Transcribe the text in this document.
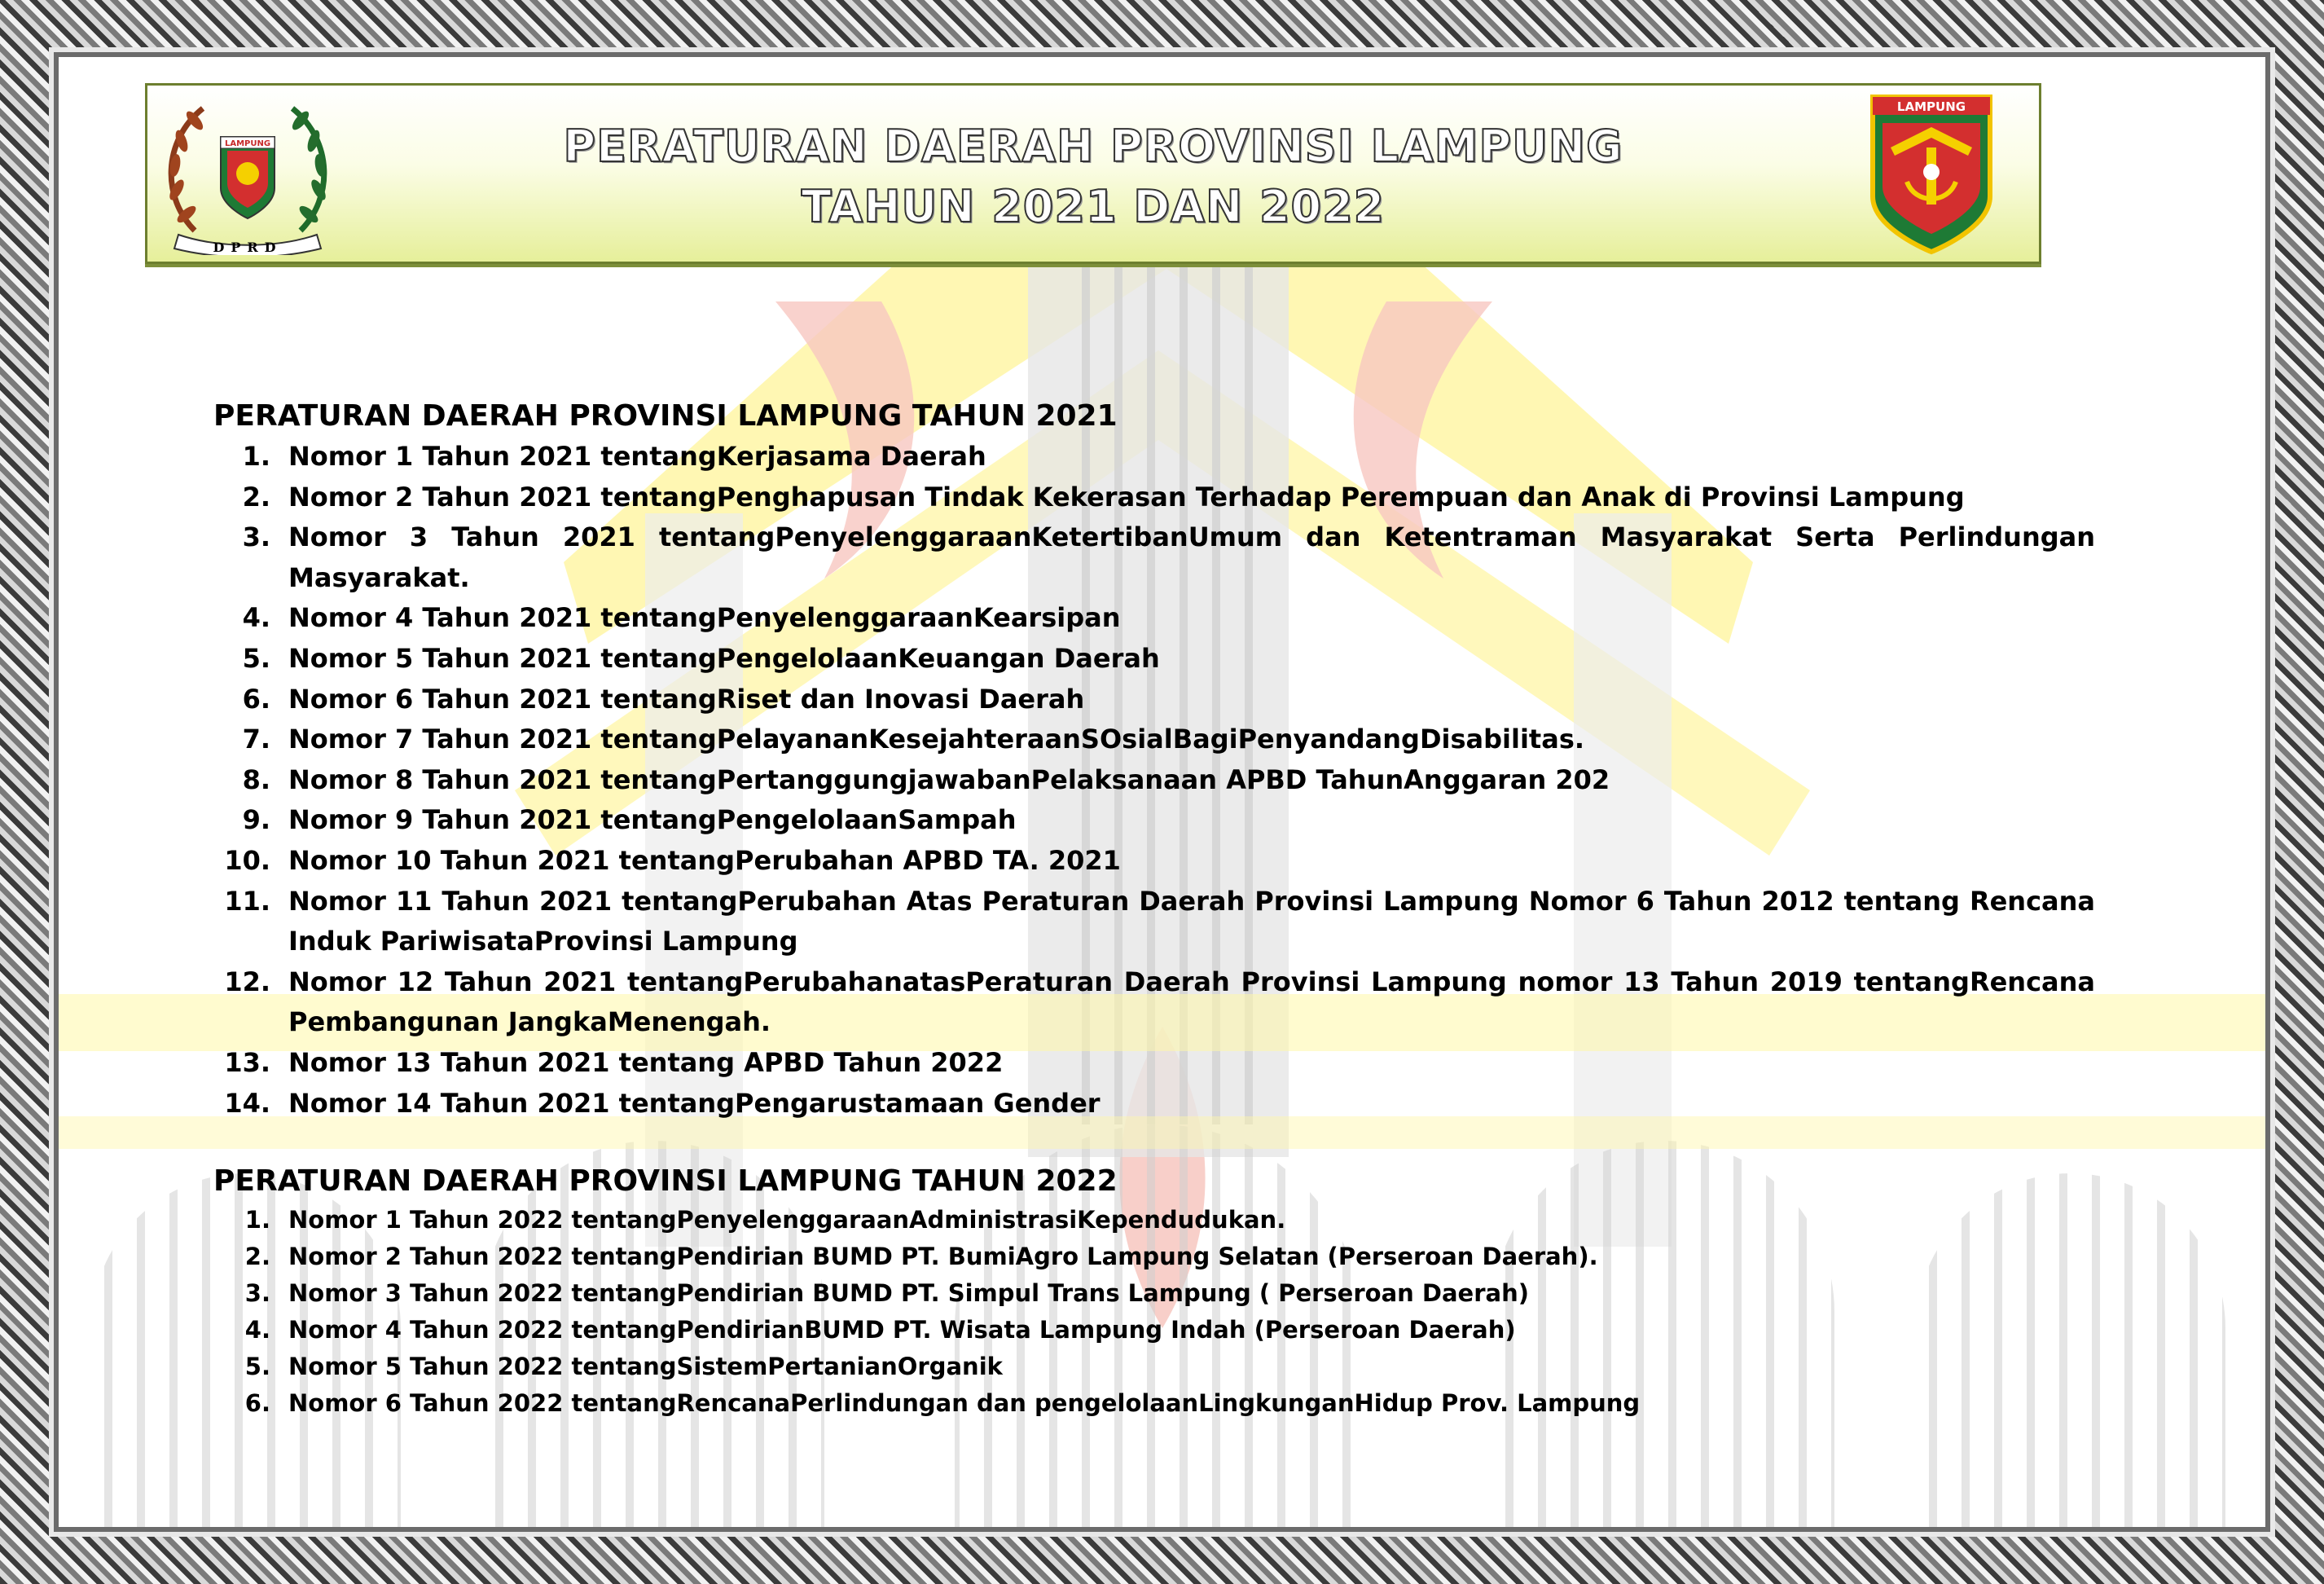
LAMPUNG
DPRD
PERATURAN DAERAH PROVINSI LAMPUNG
TAHUN 2021 DAN 2022
LAMPUNG
PERATURAN DAERAH PROVINSI LAMPUNG TAHUN 2021
1. Nomor 1 Tahun 2021 tentangKerjasama Daerah
2. Nomor 2 Tahun 2021 tentangPenghapusan Tindak Kekerasan Terhadap Perempuan dan Anak di Provinsi Lampung
3. Nomor 3 Tahun 2021 tentangPenyelenggaraanKetertibanUmum dan Ketentraman Masyarakat Serta Perlindungan Masyarakat.
4. Nomor 4 Tahun 2021 tentangPenyelenggaraanKearsipan
5. Nomor 5 Tahun 2021 tentangPengelolaanKeuangan Daerah
6. Nomor 6 Tahun 2021 tentangRiset dan Inovasi Daerah
7. Nomor 7 Tahun 2021 tentangPelayananKesejahteraanSOsialBagiPenyandangDisabilitas.
8. Nomor 8 Tahun 2021 tentangPertanggungjawabanPelaksanaan APBD TahunAnggaran 202
9. Nomor 9 Tahun 2021 tentangPengelolaanSampah
10. Nomor 10 Tahun 2021 tentangPerubahan APBD TA. 2021
11. Nomor 11 Tahun 2021 tentangPerubahan Atas Peraturan Daerah Provinsi Lampung Nomor 6 Tahun 2012 tentang Rencana Induk PariwisataProvinsi Lampung
12. Nomor 12 Tahun 2021 tentangPerubahanatasPeraturan Daerah Provinsi Lampung nomor 13 Tahun 2019 tentangRencana Pembangunan JangkaMenengah.
13. Nomor 13 Tahun 2021 tentang APBD Tahun 2022
14. Nomor 14 Tahun 2021 tentangPengarustamaan Gender
PERATURAN DAERAH PROVINSI LAMPUNG TAHUN 2022
1. Nomor 1 Tahun 2022 tentangPenyelenggaraanAdministrasiKependudukan.
2. Nomor 2 Tahun 2022 tentangPendirian BUMD PT. BumiAgro Lampung Selatan (Perseroan Daerah).
3. Nomor 3 Tahun 2022 tentangPendirian BUMD PT. Simpul Trans Lampung ( Perseroan Daerah)
4. Nomor 4 Tahun 2022 tentangPendirianBUMD PT. Wisata Lampung Indah (Perseroan Daerah)
5. Nomor 5 Tahun 2022 tentangSistemPertanianOrganik
6. Nomor 6 Tahun 2022 tentangRencanaPerlindungan dan pengelolaanLingkunganHidup Prov. Lampung
